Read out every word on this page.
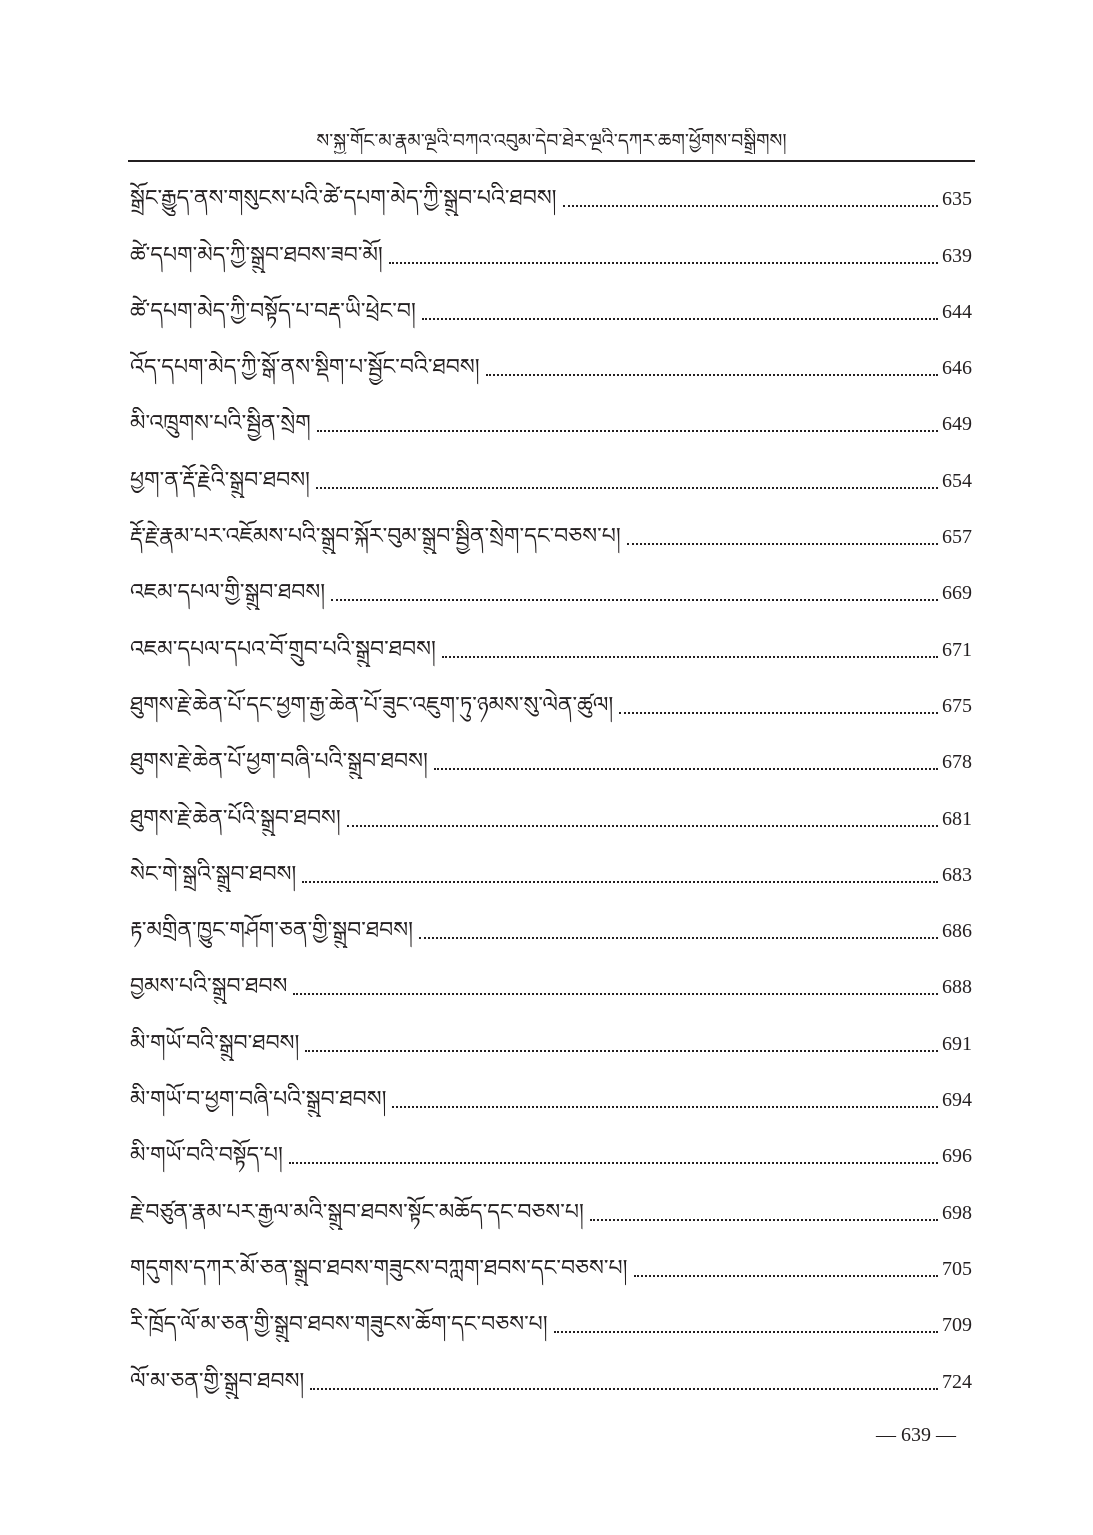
ས་སྐྱ་གོང་མ་རྣམ་ལྔའི་བཀའ་འབུམ་དེབ་ཐེར་ལྔའི་དཀར་ཆག་ཕྱོགས་བསྒྲིགས།
སྒྲོང་རྒྱུད་ནས་གསུངས་པའི་ཚེ་དཔག་མེད་ཀྱི་སྒྲུབ་པའི་ཐབས།	635
ཚེ་དཔག་མེད་ཀྱི་སྒྲུབ་ཐབས་ཟབ་མོ།	639
ཚེ་དཔག་མེད་ཀྱི་བསྟོད་པ་བརྡ་ཡི་ཕྲེང་བ།	644
འོད་དཔག་མེད་ཀྱི་སྒོ་ནས་སྡིག་པ་སྦྱོང་བའི་ཐབས།	646
མི་འཁྲུགས་པའི་སྦྱིན་སྲེག	649
ཕྱག་ན་རྡོ་རྗེའི་སྒྲུབ་ཐབས།	654
རྡོ་རྗེ་རྣམ་པར་འཇོམས་པའི་སྒྲུབ་སྐོར་བུམ་སྒྲུབ་སྦྱིན་སྲེག་དང་བཅས་པ།	657
འཇམ་དཔལ་གྱི་སྒྲུབ་ཐབས།	669
འཇམ་དཔལ་དཔའ་བོ་གྲུབ་པའི་སྒྲུབ་ཐབས།	671
ཐུགས་རྗེ་ཆེན་པོ་དང་ཕྱག་རྒྱ་ཆེན་པོ་ཟུང་འཇུག་ཏུ་ཉམས་སུ་ལེན་ཚུལ།	675
ཐུགས་རྗེ་ཆེན་པོ་ཕྱག་བཞི་པའི་སྒྲུབ་ཐབས།	678
ཐུགས་རྗེ་ཆེན་པོའི་སྒྲུབ་ཐབས།	681
སེང་གེ་སྒྲའི་སྒྲུབ་ཐབས།	683
རྟ་མགྲིན་ཁྱུང་གཤོག་ཅན་གྱི་སྒྲུབ་ཐབས།	686
བྱམས་པའི་སྒྲུབ་ཐབས	688
མི་གཡོ་བའི་སྒྲུབ་ཐབས།	691
མི་གཡོ་བ་ཕྱག་བཞི་པའི་སྒྲུབ་ཐབས།	694
མི་གཡོ་བའི་བསྟོད་པ།	696
རྗེ་བཙུན་རྣམ་པར་རྒྱལ་མའི་སྒྲུབ་ཐབས་སྟོང་མཆོད་དང་བཅས་པ།	698
གདུགས་དཀར་མོ་ཅན་སྒྲུབ་ཐབས་གཟུངས་བཀླག་ཐབས་དང་བཅས་པ།	705
རི་ཁྲོད་ལོ་མ་ཅན་གྱི་སྒྲུབ་ཐབས་གཟུངས་ཆོག་དང་བཅས་པ།	709
ལོ་མ་ཅན་གྱི་སྒྲུབ་ཐབས།	724
— 639 —
